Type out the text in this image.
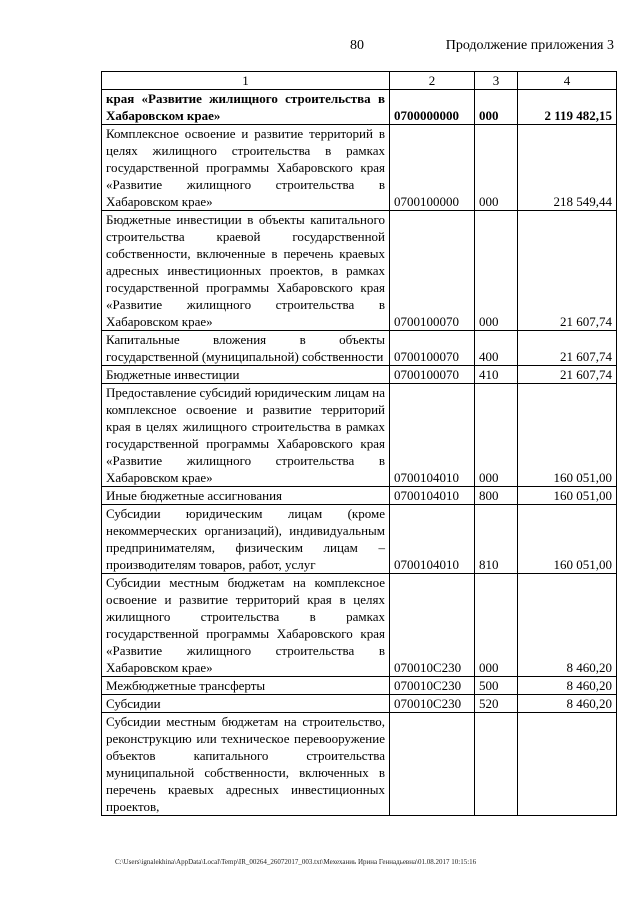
80	Продолжение приложения 3
1	2	3	4
края «Развитие жилищного строительства в Хабаровском крае»	0700000000	000	2 119 482,15
Комплексное освоение и развитие территорий в целях жилищного строительства в рамках государственной программы Хабаровского края «Развитие жилищного строительства в Хабаровском крае»	0700100000	000	218 549,44
Бюджетные инвестиции в объекты капитального строительства краевой государственной собственности, включенные в перечень краевых адресных инвестиционных проектов, в рамках государственной программы Хабаровского края «Развитие жилищного строительства в Хабаровском крае»	0700100070	000	21 607,74
Капитальные вложения в объекты государственной (муниципальной) собственности	0700100070	400	21 607,74
Бюджетные инвестиции	0700100070	410	21 607,74
Предоставление субсидий юридическим лицам на комплексное освоение и развитие территорий края в целях жилищного строительства в рамках государственной программы Хабаровского края «Развитие жилищного строительства в Хабаровском крае»	0700104010	000	160 051,00
Иные бюджетные ассигнования	0700104010	800	160 051,00
Субсидии юридическим лицам (кроме некоммерческих организаций), индивидуальным предпринимателям, физическим лицам – производителям товаров, работ, услуг	0700104010	810	160 051,00
Субсидии местным бюджетам на комплексное освоение и развитие территорий края в целях жилищного строительства в рамках государственной программы Хабаровского края «Развитие жилищного строительства в Хабаровском крае»	070010С230	000	8 460,20
Межбюджетные трансферты	070010С230	500	8 460,20
Субсидии	070010С230	520	8 460,20
Субсидии местным бюджетам на строительство, реконструкцию или техническое перевооружение объектов капитального строительства муниципальной собственности, включенных в перечень краевых адресных инвестиционных проектов,			
C:\Users\ignalekhina\AppData\Local\Temp\IR_00264_26072017_003.txt\Мехеханиь Ирина Геннадьевна\01.08.2017 10:15:16
